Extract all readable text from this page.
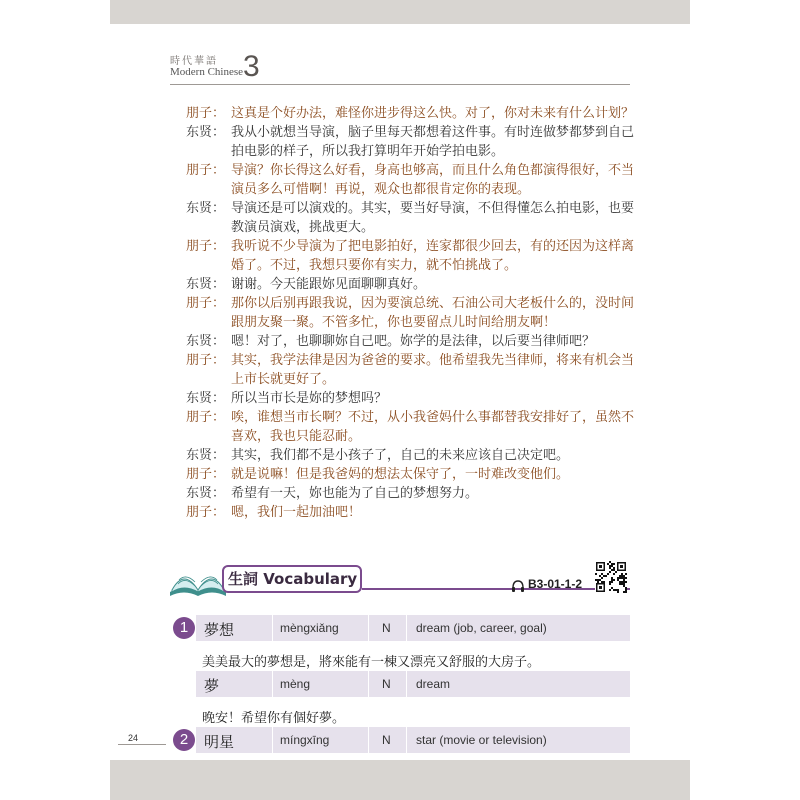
時代華語
Modern Chinese 3
朋子： 这真是个好办法，难怪你进步得这么快。对了，你对未来有什么计划？
东贤： 我从小就想当导演，脑子里每天都想着这件事。有时连做梦都梦到自己拍电影的样子，所以我打算明年开始学拍电影。
朋子： 导演？你长得这么好看，身高也够高，而且什么角色都演得很好，不当演员多么可惜啊！再说，观众也都很肯定你的表现。
东贤： 导演还是可以演戏的。其实，要当好导演，不但得懂怎么拍电影，也要教演员演戏，挑战更大。
朋子： 我听说不少导演为了把电影拍好，连家都很少回去，有的还因为这样离婚了。不过，我想只要你有实力，就不怕挑战了。
东贤： 谢谢。今天能跟妳见面聊聊真好。
朋子： 那你以后别再跟我说，因为要演总统、石油公司大老板什么的，没时间跟朋友聚一聚。不管多忙，你也要留点儿时间给朋友啊！
东贤： 嗯！对了，也聊聊妳自己吧。妳学的是法律，以后要当律师吧？
朋子： 其实，我学法律是因为爸爸的要求。他希望我先当律师，将来有机会当上市长就更好了。
东贤： 所以当市长是妳的梦想吗？
朋子： 唉，谁想当市长啊？不过，从小我爸妈什么事都替我安排好了，虽然不喜欢，我也只能忍耐。
东贤： 其实，我们都不是小孩子了，自己的未来应该自己决定吧。
朋子： 就是说嘛！但是我爸妈的想法太保守了，一时难改变他们。
东贤： 希望有一天，妳也能为了自己的梦想努力。
朋子： 嗯，我们一起加油吧！
生詞 Vocabulary	B3-01-1-2
1	夢想	mèngxiǎng	N dream (job, career, goal)
美美最大的夢想是，將來能有一棟又漂亮又舒服的大房子。
夢	mèng	N dream
晚安！希望你有個好夢。
2	明星	míngxīng	N star (movie or television)
24
